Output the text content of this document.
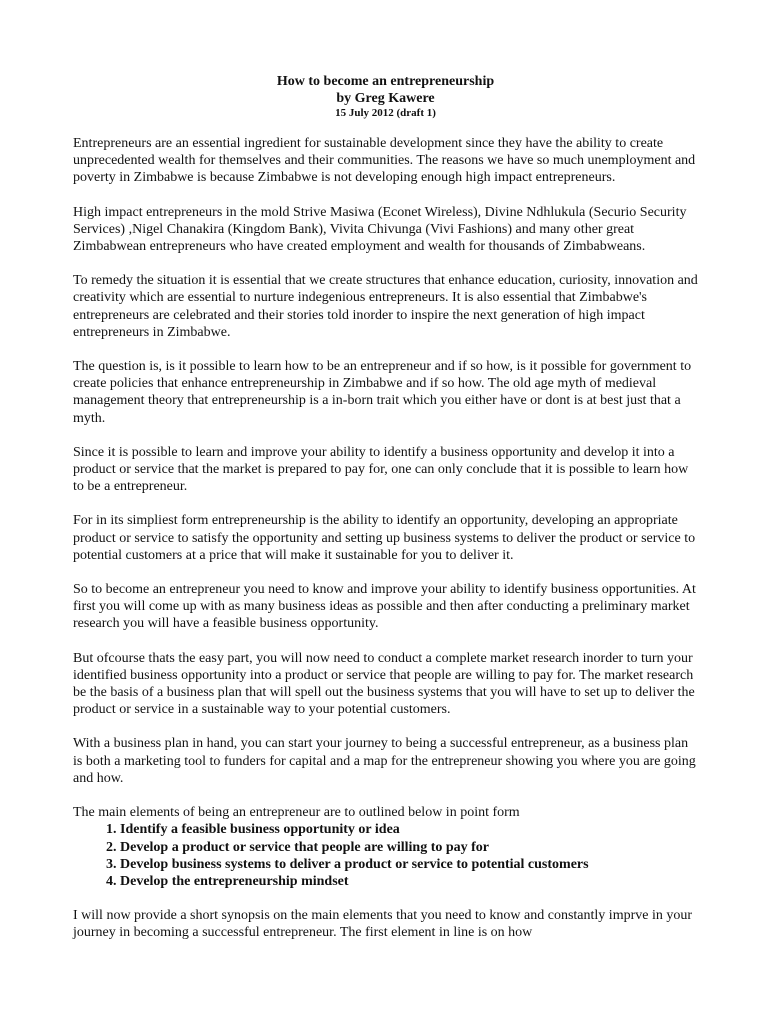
How to become an entrepreneurship

by Greg Kawere

15 July 2012 (draft 1)

Entrepreneurs are an essential ingredient for sustainable development since they have the ability to create unprecedented wealth for themselves and their communities. The reasons we have so much unemployment and poverty in Zimbabwe is because Zimbabwe is not developing enough high impact entrepreneurs.

High impact entrepreneurs in the mold Strive Masiwa (Econet Wireless), Divine Ndhlukula (Securio Security Services) ,Nigel Chanakira (Kingdom Bank), Vivita Chivunga (Vivi Fashions) and many other great Zimbabwean entrepreneurs who have created employment and wealth for thousands of Zimbabweans.

To remedy the situation it is essential that we create structures that enhance education, curiosity, innovation and creativity which are essential to nurture indegenious entrepreneurs. It is also essential that Zimbabwe's entrepreneurs are celebrated and their stories told inorder to inspire the next generation of high impact entrepreneurs in Zimbabwe.

The question is, is it possible to learn how to be an entrepreneur and if so how, is it possible for government to create policies that enhance entrepreneurship in Zimbabwe and if so how. The old age myth of medieval management theory that entrepreneurship is a in-born trait which you either have or dont is at best just that a myth.

Since it is possible to learn and improve your ability to identify a business opportunity and develop it into a product or service that the market is prepared to pay for, one can only conclude that it is possible to learn how to be a entrepreneur.

For in its simpliest form entrepreneurship is the ability to identify an opportunity, developing an appropriate product or service to satisfy the opportunity and setting up business systems to deliver the product or service to potential customers at a price that will make it sustainable for you to deliver it.

So to become an entrepreneur you need to know and improve your ability to identify business opportunities. At first you will come up with as many business ideas as possible and then after conducting a preliminary market research you will have a feasible business opportunity.

But ofcourse thats the easy part, you will now need to conduct a complete market research inorder to turn your identified business opportunity into a product or service that people are willing to pay for. The market research be the basis of a business plan that will spell out the business systems that you will have to set up to deliver the product or service in a sustainable way to your potential customers.

With a business plan in hand, you can start your journey to being a successful entrepreneur, as a business plan is both a marketing tool to funders for capital and a map for the entrepreneur showing you where you are going and how.

The main elements of being an entrepreneur are to outlined below in point form

1. Identify a feasible business opportunity or idea
2. Develop a product or service that people are willing to pay for
3. Develop business systems to deliver a product or service to potential customers
4. Develop the entrepreneurship mindset

I will now provide a short synopsis on the main elements that you need to know and constantly imprve in your journey in becoming a successful entrepreneur. The first element in line is on how
